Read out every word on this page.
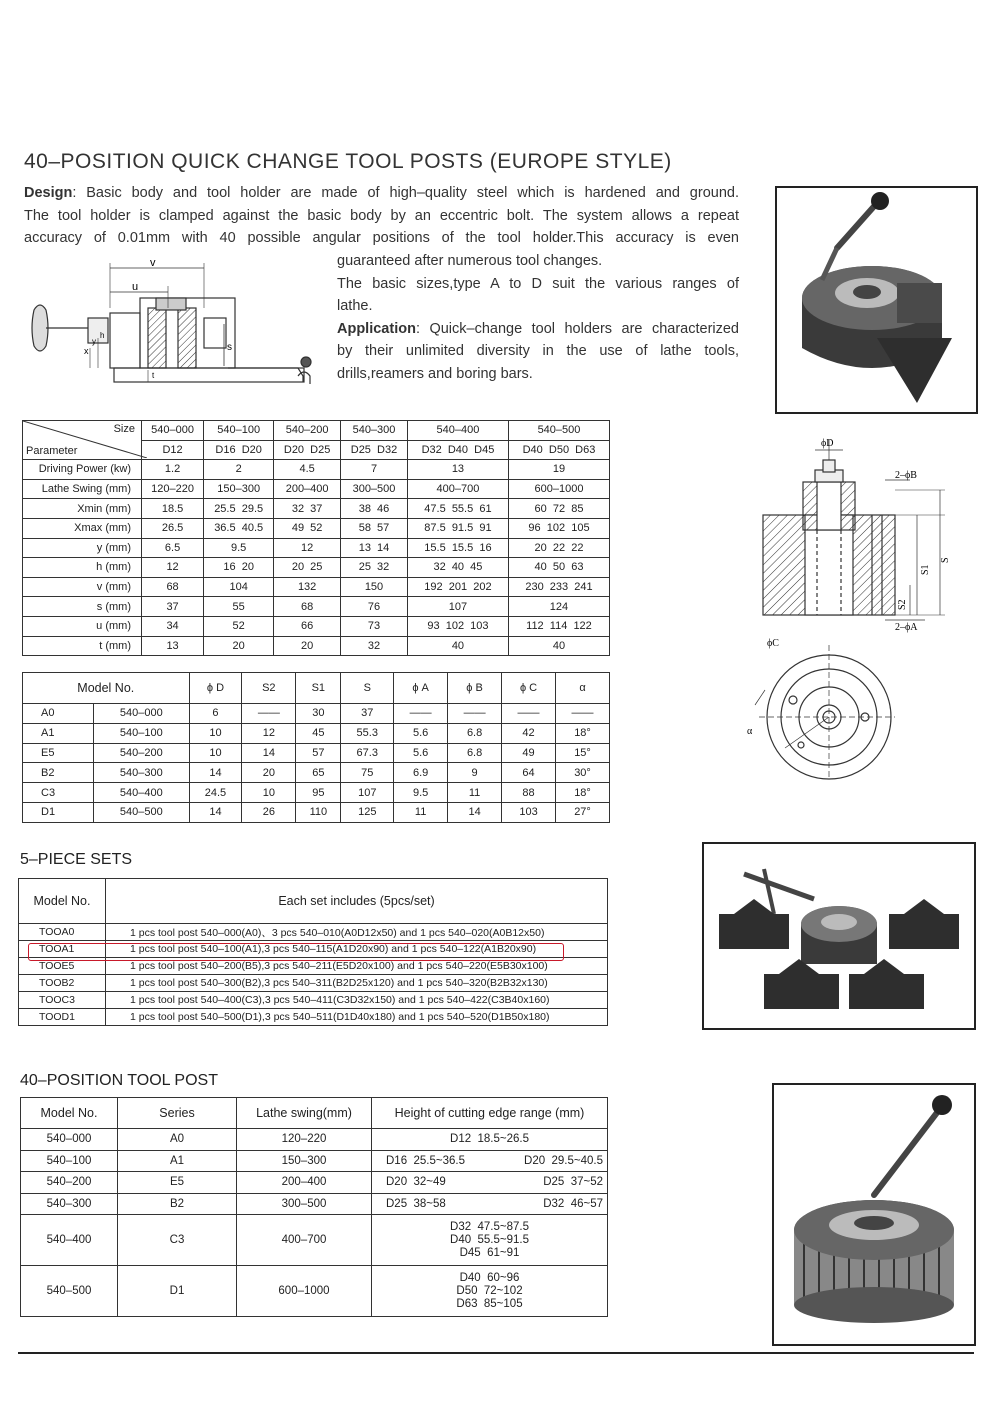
40–POSITION QUICK CHANGE TOOL POSTS (EUROPE STYLE)
Design: Basic body and tool holder are made of high–quality steel which is hardened and ground.
The tool holder is clamped against the basic body by an eccentric bolt. The system allows a repeat
accuracy of 0.01mm with 40 possible angular positions of the tool holder.This accuracy is even
guaranteed after numerous tool changes.
The basic sizes,type A to D suit the various ranges of
lathe.
Application: Quick–change tool holders are characterized
by their unlimited diversity in the use of lathe tools,
drills,reamers and boring bars.
v
u
s
x
y
h
t
Size
Parameter	540–000	540–100	540–200	540–300	540–400	540–500
	D12	D16  D20	D20  D25	D25  D32	D32  D40  D45	D40  D50  D63
Driving Power (kw)	1.2	2	4.5	7	13	19
Lathe Swing (mm)	120–220	150–300	200–400	300–500	400–700	600–1000
Xmin (mm)	18.5	25.5  29.5	32  37	38  46	47.5  55.5  61	60  72  85
Xmax (mm)	26.5	36.5  40.5	49  52	58  57	87.5  91.5  91	96  102  105
y (mm)	6.5	9.5	12	13  14	15.5  15.5  16	20  22  22
h (mm)	12	16  20	20  25	25  32	32  40  45	40  50  63
v (mm)	68	104	132	150	192  201  202	230  233  241
s (mm)	37	55	68	76	107	124
u (mm)	34	52	66	73	93  102  103	112  114  122
t (mm)	13	20	20	32	40	40
ϕD
2–ϕB
S1
S
S2
2–ϕA
ϕC
α
Model No.		ϕ D	S2	S1	S	ϕ A	ϕ B	ϕ C	α
A0	540–000	6	——	30	37	——	——	——	——
A1	540–100	10	12	45	55.3	5.6	6.8	42	18°
E5	540–200	10	14	57	67.3	5.6	6.8	49	15°
B2	540–300	14	20	65	75	6.9	9	64	30°
C3	540–400	24.5	10	95	107	9.5	11	88	18°
D1	540–500	14	26	110	125	11	14	103	27°
5–PIECE SETS
Model No.	Each set includes (5pcs/set)
TOOA0	1 pcs tool post 540–000(A0)、3 pcs 540–010(A0D12x50) and 1 pcs 540–020(A0B12x50)
TOOA1	1 pcs tool post 540–100(A1),3 pcs 540–115(A1D20x90) and 1 pcs 540–122(A1B20x90)
TOOE5	1 pcs tool post 540–200(B5),3 pcs 540–211(E5D20x100) and 1 pcs 540–220(E5B30x100)
TOOB2	1 pcs tool post 540–300(B2),3 pcs 540–311(B2D25x120) and 1 pcs 540–320(B2B32x130)
TOOC3	1 pcs tool post 540–400(C3),3 pcs 540–411(C3D32x150) and 1 pcs 540–422(C3B40x160)
TOOD1	1 pcs tool post 540–500(D1),3 pcs 540–511(D1D40x180) and 1 pcs 540–520(D1B50x180)
40–POSITION TOOL POST
Model No.	Series	Lathe swing(mm)	Height of cutting edge range (mm)
540–000	A0	120–220	D12  18.5~26.5

540–100	A1	150–300	D16  25.5~36.5 D20  29.5~40.5

540–200	E5	200–400	D20  32~49 D25  37~52

540–300	B2	300–500	D25  38~58 D32  46~57

540–400	C3	400–700	D32  47.5~87.5
D40  55.5~91.5
D45  61~91

540–500	D1	600–1000	D40  60~96
D50  72~102
D63  85~105
